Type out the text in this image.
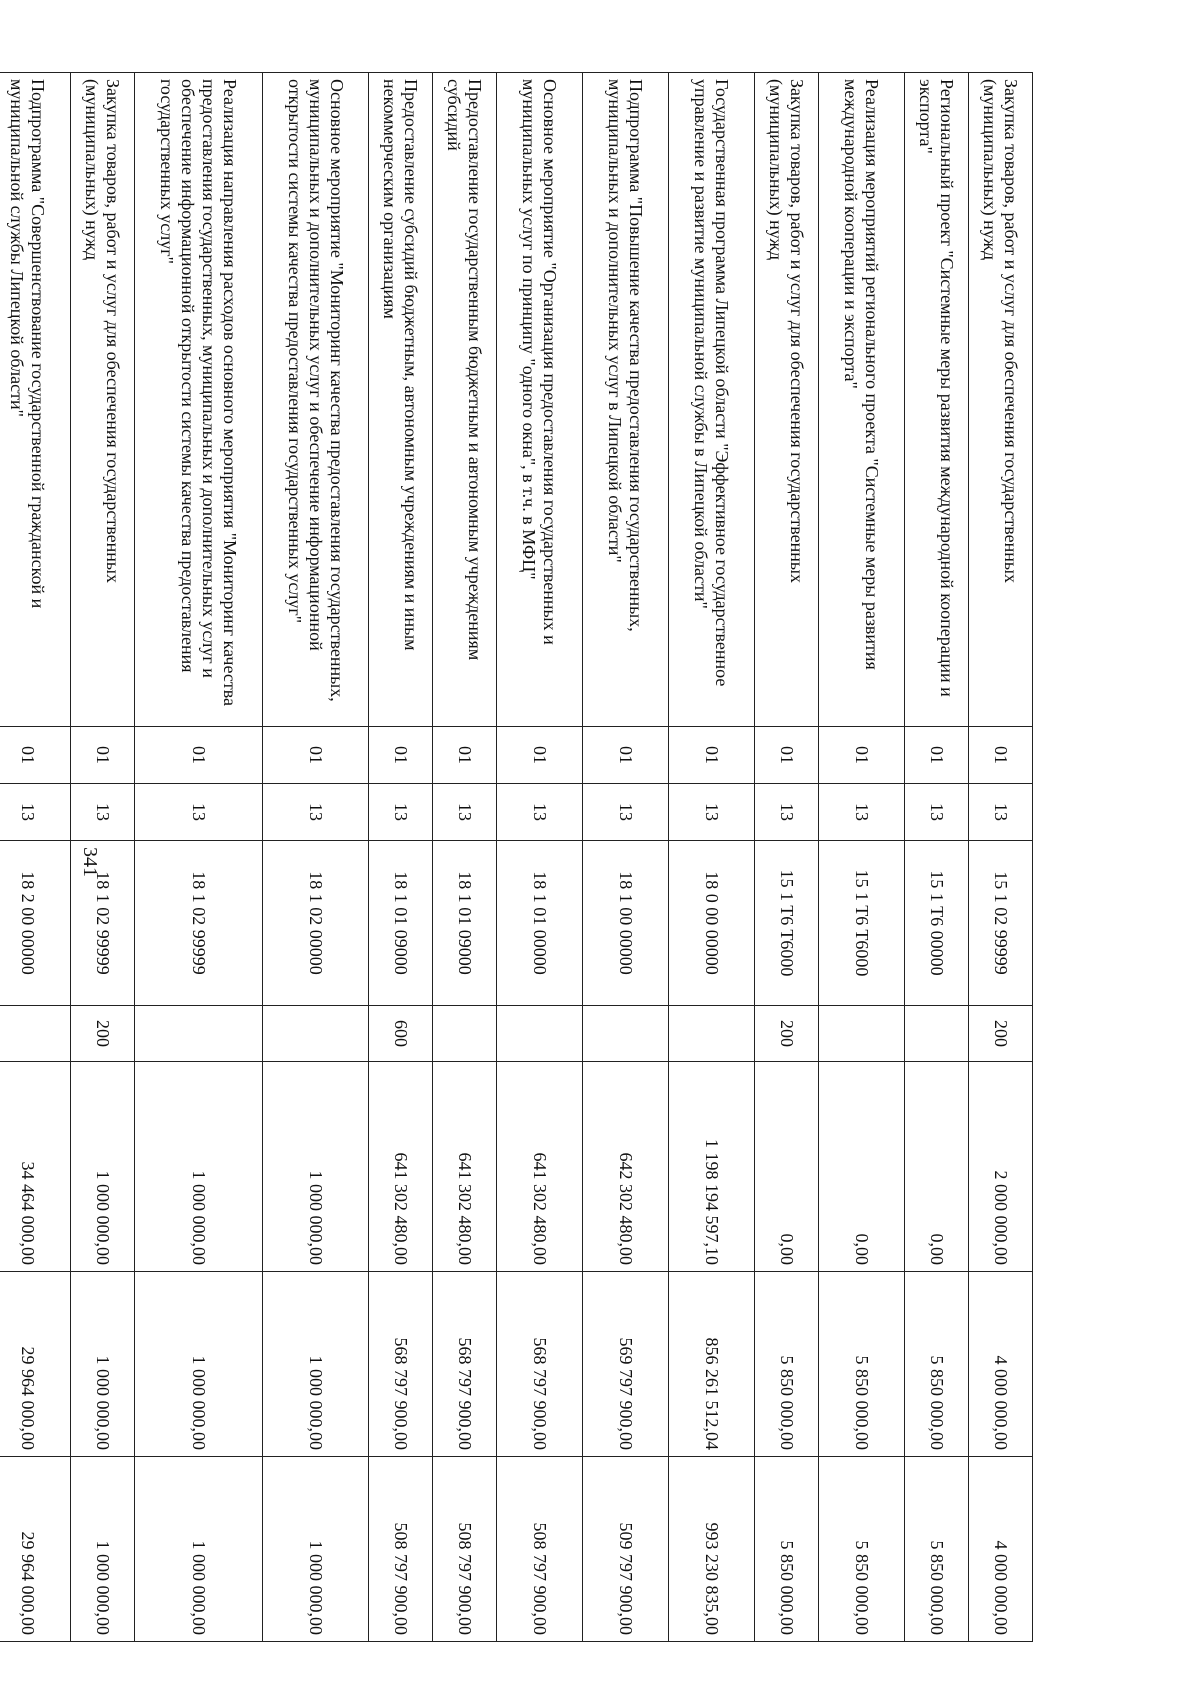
341
Закупка товаров, работ и услуг для обеспечения государственных (муниципальных) нужд	01	13	15 1 02 99999	200	2 000 000,00	4 000 000,00	4 000 000,00
Региональный проект "Системные меры развития международной кооперации и экспорта"	01	13	15 1 T6 00000		0,00	5 850 000,00	5 850 000,00
Реализация мероприятий регионального проекта "Системные меры развития международной кооперации и экспорта"	01	13	15 1 T6 T6000		0,00	5 850 000,00	5 850 000,00
Закупка товаров, работ и услуг для обеспечения государственных (муниципальных) нужд	01	13	15 1 T6 T6000	200	0,00	5 850 000,00	5 850 000,00
Государственная программа Липецкой области "Эффективное государственное управление и развитие муниципальной службы в Липецкой области"	01	13	18 0 00 00000		1 198 194 597,10	856 261 512,04	993 230 835,00
Подпрограмма "Повышение качества предоставления государственных, муниципальных и дополнительных услуг в Липецкой области"	01	13	18 1 00 00000		642 302 480,00	569 797 900,00	509 797 900,00
Основное мероприятие "Организация предоставления государственных и муниципальных услуг по принципу "одного окна", в т.ч. в МФЦ"	01	13	18 1 01 00000		641 302 480,00	568 797 900,00	508 797 900,00
Предоставление государственным бюджетным и автономным учреждениям субсидий	01	13	18 1 01 09000		641 302 480,00	568 797 900,00	508 797 900,00
Предоставление субсидий бюджетным, автономным учреждениям и иным некоммерческим организациям	01	13	18 1 01 09000	600	641 302 480,00	568 797 900,00	508 797 900,00
Основное мероприятие "Мониторинг качества предоставления государственных, муниципальных и дополнительных услуг и обеспечение информационной открытости системы качества предоставления государственных услуг"	01	13	18 1 02 00000		1 000 000,00	1 000 000,00	1 000 000,00
Реализация направления расходов основного мероприятия "Мониторинг качества предоставления государственных, муниципальных и дополнительных услуг и обеспечение информационной открытости системы качества предоставления государственных услуг"	01	13	18 1 02 99999		1 000 000,00	1 000 000,00	1 000 000,00
Закупка товаров, работ и услуг для обеспечения государственных (муниципальных) нужд	01	13	18 1 02 99999	200	1 000 000,00	1 000 000,00	1 000 000,00
Подпрограмма "Совершенствование государственной гражданской и муниципальной службы Липецкой области"	01	13	18 2 00 00000		34 464 000,00	29 964 000,00	29 964 000,00
